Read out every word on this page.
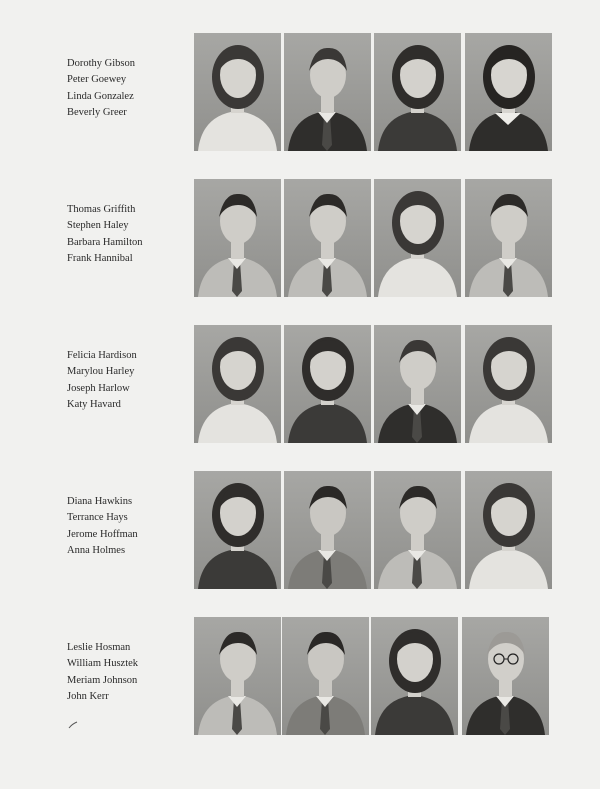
Dorothy Gibson
Peter Goewey
Linda Gonzalez
Beverly Greer
Thomas Griffith
Stephen Haley
Barbara Hamilton
Frank Hannibal
Felicia Hardison
Marylou Harley
Joseph Harlow
Katy Havard
Diana Hawkins
Terrance Hays
Jerome Hoffman
Anna Holmes
Leslie Hosman
William Husztek
Meriam Johnson
John Kerr
